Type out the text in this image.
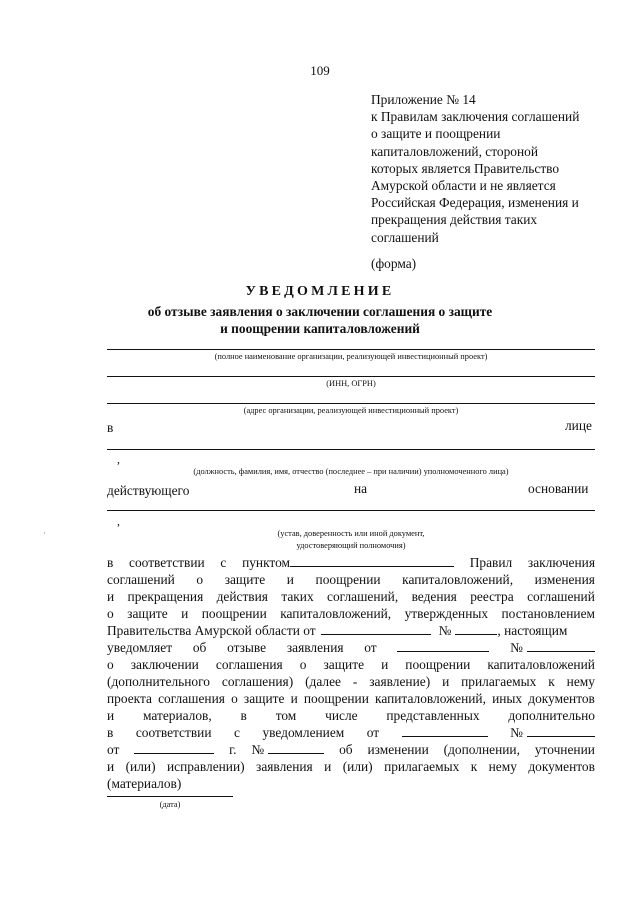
109
Приложение № 14
к Правилам заключения соглашений
о защите и поощрении
капиталовложений, стороной
которых является Правительство
Амурской области и не является
Российская Федерация, изменения и
прекращения действия таких
соглашений
(форма)
УВЕДОМЛЕНИЕ
об отзыве заявления о заключении соглашения о защите
и поощрении капиталовложений
(полное наименование организации, реализующей инвестиционный проект)
(ИНН, ОГРН)
(адрес организации, реализующей инвестиционный проект)
в	лице
,
(должность, фамилия, имя, отчество (последнее – при наличии) уполномоченного лица)
действующего	на	основании
,
(устав, доверенность или иной документ,
удостоверяющий полномочия)
·
в соответствии с пунктом	Правил заключения
соглашений о защите и поощрении капиталовложений, изменения
и прекращения действия таких соглашений, ведения реестра соглашений
о защите и поощрении капиталовложений, утвержденных постановлением
Правительства Амурской области от	№	, настоящим
уведомляет об отзыве заявления от	№
о заключении соглашения о защите и поощрении капиталовложений
(дополнительного соглашения) (далее - заявление) и прилагаемых к нему
проекта соглашения о защите и поощрении капиталовложений, иных документов
и материалов, в том числе представленных дополнительно
в соответствии с уведомлением от	№
от	г. №	об изменении (дополнении, уточнении
и (или) исправлении) заявления и (или) прилагаемых к нему документов
(материалов)
(дата)
